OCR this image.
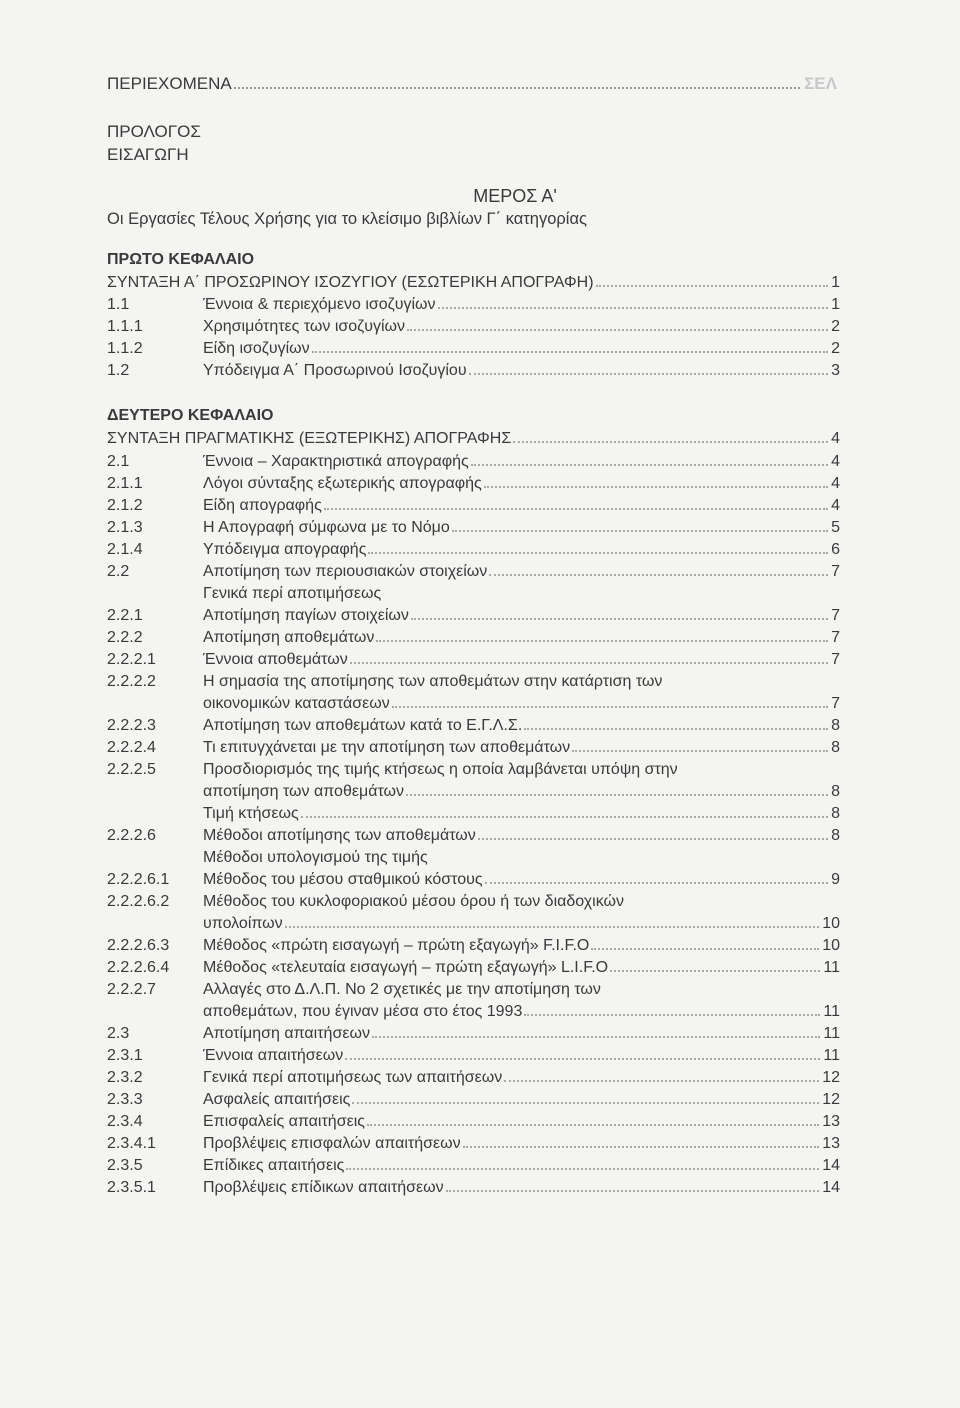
ΠΕΡΙΕΧΟΜΕΝΑ	ΣΕΛ
ΠΡΟΛΟΓΟΣ
ΕΙΣΑΓΩΓΗ
ΜΕΡΟΣ Α'
Οι Εργασίες Τέλους Χρήσης για το κλείσιμο βιβλίων Γ΄ κατηγορίας
ΠΡΩΤΟ ΚΕΦΑΛΑΙΟ
ΣΥΝΤΑΞΗ Α΄ ΠΡΟΣΩΡΙΝΟΥ ΙΣΟΖΥΓΙΟΥ (ΕΣΩΤΕΡΙΚΗ ΑΠΟΓΡΑΦΗ)	1
1.1	Έννοια & περιεχόμενο ισοζυγίων	1
1.1.1	Χρησιμότητες των ισοζυγίων	2
1.1.2	Είδη ισοζυγίων	2
1.2	Υπόδειγμα Α΄ Προσωρινού Ισοζυγίου	3
ΔΕΥΤΕΡΟ ΚΕΦΑΛΑΙΟ
ΣΥΝΤΑΞΗ ΠΡΑΓΜΑΤΙΚΗΣ (ΕΞΩΤΕΡΙΚΗΣ) ΑΠΟΓΡΑΦΗΣ	4
2.1	Έννοια – Χαρακτηριστικά απογραφής	4
2.1.1	Λόγοι σύνταξης εξωτερικής απογραφής	4
2.1.2	Είδη απογραφής	4
2.1.3	Η Απογραφή σύμφωνα με το Νόμο	5
2.1.4	Υπόδειγμα απογραφής	6
2.2	Αποτίμηση των περιουσιακών στοιχείων	7
Γενικά περί αποτιμήσεως
2.2.1	Αποτίμηση παγίων στοιχείων	7
2.2.2	Αποτίμηση αποθεμάτων	7
2.2.2.1	Έννοια αποθεμάτων	7
2.2.2.2	Η σημασία της αποτίμησης των αποθεμάτων στην κατάρτιση των
οικονομικών καταστάσεων	7
2.2.2.3	Αποτίμηση των αποθεμάτων κατά το Ε.Γ.Λ.Σ.	8
2.2.2.4	Τι επιτυγχάνεται με την αποτίμηση των αποθεμάτων	8
2.2.2.5	Προσδιορισμός της τιμής κτήσεως η οποία λαμβάνεται υπόψη στην
αποτίμηση των αποθεμάτων	8
Τιμή κτήσεως	8
2.2.2.6	Μέθοδοι αποτίμησης των αποθεμάτων	8
Μέθοδοι υπολογισμού της τιμής
2.2.2.6.1	Μέθοδος του μέσου σταθμικού κόστους	9
2.2.2.6.2	Μέθοδος του κυκλοφοριακού μέσου όρου ή των διαδοχικών
υπολοίπων	10
2.2.2.6.3	Μέθοδος «πρώτη εισαγωγή – πρώτη εξαγωγή» F.I.F.O	10
2.2.2.6.4	Μέθοδος «τελευταία εισαγωγή – πρώτη εξαγωγή» L.I.F.O	11
2.2.2.7	Αλλαγές στο Δ.Λ.Π. Νο 2 σχετικές με την αποτίμηση των
αποθεμάτων, που έγιναν μέσα στο έτος 1993	11
2.3	Αποτίμηση απαιτήσεων	11
2.3.1	Έννοια απαιτήσεων	11
2.3.2	Γενικά περί αποτιμήσεως των απαιτήσεων	12
2.3.3	Ασφαλείς απαιτήσεις	12
2.3.4	Επισφαλείς απαιτήσεις	13
2.3.4.1	Προβλέψεις επισφαλών απαιτήσεων	13
2.3.5	Επίδικες απαιτήσεις	14
2.3.5.1	Προβλέψεις επίδικων απαιτήσεων	14
